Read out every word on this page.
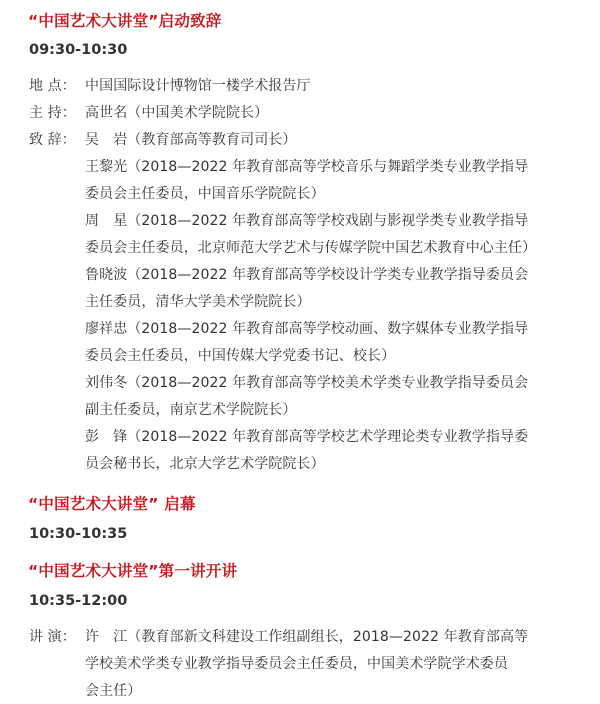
“中国艺术大讲堂”启动致辞
09:30-10:30
地 点： 中国国际设计博物馆一楼学术报告厅
主 持： 高世名（中国美术学院院长）
致 辞： 吴　岩（教育部高等教育司司长）
王黎光（2018—2022 年教育部高等学校音乐与舞蹈学类专业教学指导
委员会主任委员，中国音乐学院院长）
周　星（2018—2022 年教育部高等学校戏剧与影视学类专业教学指导
委员会主任委员，北京师范大学艺术与传媒学院中国艺术教育中心主任）
鲁晓波（2018—2022 年教育部高等学校设计学类专业教学指导委员会
主任委员，清华大学美术学院院长）
廖祥忠（2018—2022 年教育部高等学校动画、数字媒体专业教学指导
委员会主任委员，中国传媒大学党委书记、校长）
刘伟冬（2018—2022 年教育部高等学校美术学类专业教学指导委员会
副主任委员，南京艺术学院院长）
彭　锋（2018—2022 年教育部高等学校艺术学理论类专业教学指导委
员会秘书长，北京大学艺术学院院长）
“中国艺术大讲堂” 启幕
10:30-10:35
“中国艺术大讲堂”第一讲开讲
10:35-12:00
讲 演： 许　江（教育部新文科建设工作组副组长，2018—2022 年教育部高等
学校美术学类专业教学指导委员会主任委员，中国美术学院学术委员
会主任）
